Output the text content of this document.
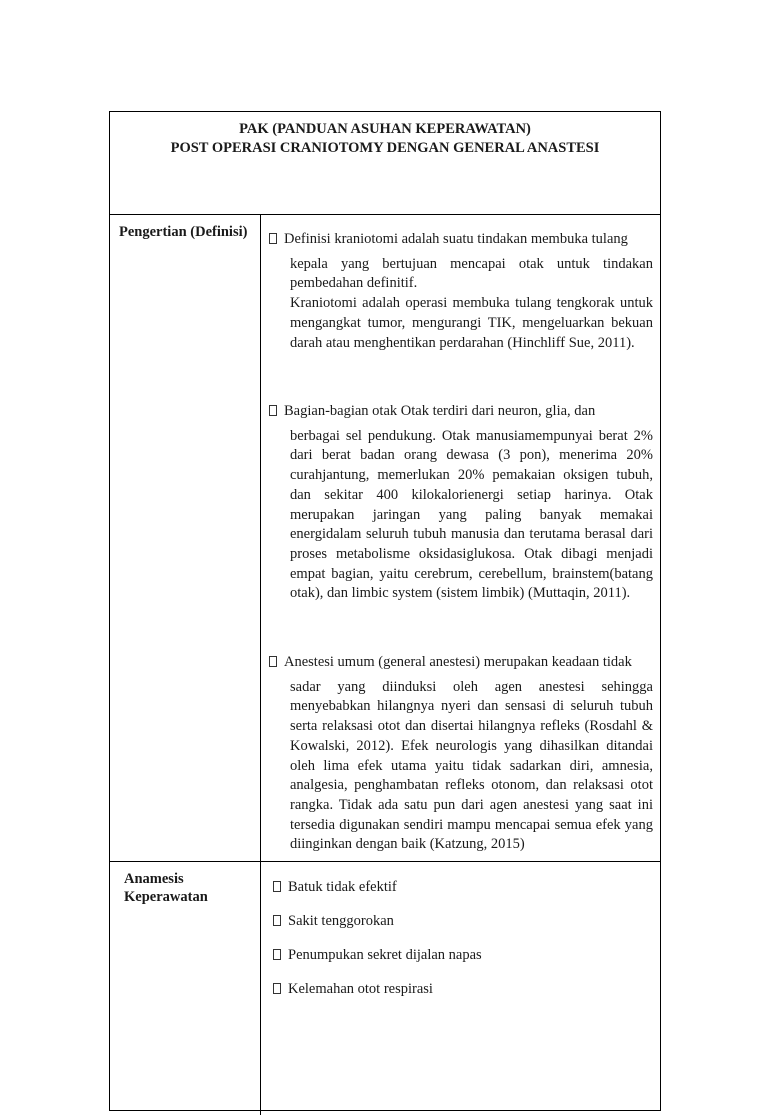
PAK (PANDUAN ASUHAN KEPERAWATAN)
POST OPERASI CRANIOTOMY DENGAN GENERAL ANASTESI
Pengertian (Definisi)	Definisi kraniotomi adalah suatu tindakan membuka tulang
kepala yang bertujuan mencapai otak untuk tindakan pembedahan definitif.
Kraniotomi adalah operasi membuka tulang tengkorak untuk mengangkat tumor, mengurangi TIK, mengeluarkan bekuan darah atau menghentikan perdarahan (Hinchliff Sue, 2011).
Bagian-bagian otak Otak terdiri dari neuron, glia, dan
berbagai sel pendukung. Otak manusiamempunyai berat 2% dari berat badan orang dewasa (3 pon), menerima 20% curahjantung, memerlukan 20% pemakaian oksigen tubuh, dan sekitar 400 kilokalorienergi setiap harinya. Otak merupakan jaringan yang paling banyak memakai energidalam seluruh tubuh manusia dan terutama berasal dari proses metabolisme oksidasiglukosa. Otak dibagi menjadi empat bagian, yaitu cerebrum, cerebellum, brainstem(batang otak), dan limbic system (sistem limbik) (Muttaqin, 2011).
Anestesi umum (general anestesi) merupakan keadaan tidak
sadar yang diinduksi oleh agen anestesi sehingga menyebabkan hilangnya nyeri dan sensasi di seluruh tubuh serta relaksasi otot dan disertai hilangnya refleks (Rosdahl & Kowalski, 2012). Efek neurologis yang dihasilkan ditandai oleh lima efek utama yaitu tidak sadarkan diri, amnesia, analgesia, penghambatan refleks otonom, dan relaksasi otot rangka. Tidak ada satu pun dari agen anestesi yang saat ini tersedia digunakan sendiri mampu mencapai semua efek yang diinginkan dengan baik (Katzung, 2015)
Anamesis
Keperawatan
Batuk tidak efektif
Sakit tenggorokan
Penumpukan sekret dijalan napas
Kelemahan otot respirasi
